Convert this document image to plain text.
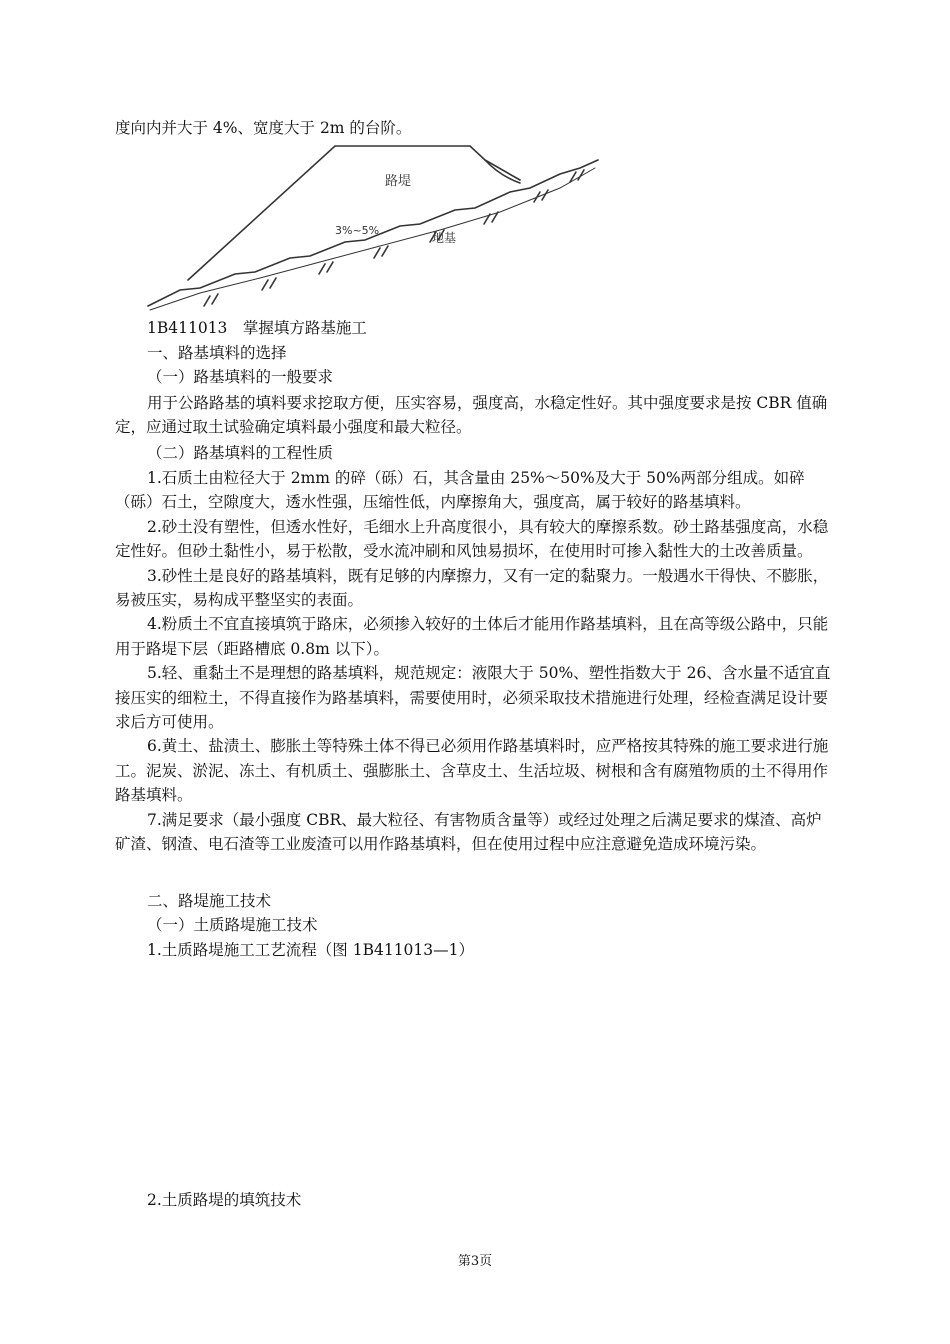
度向内并大于 4%、宽度大于 2m 的台阶。
路堤
3%~5%
地基
1B411013　掌握填方路基施工
一、路基填料的选择
（一）路基填料的一般要求

用于公路路基的填料要求挖取方便，压实容易，强度高，水稳定性好。其中强度要求是按 CBR 值确定，应通过取土试验确定填料最小强度和最大粒径。

（二）路基填料的工程性质

1.石质土由粒径大于 2mm 的碎（砾）石，其含量由 25%～50%及大于 50%两部分组成。如碎（砾）石土，空隙度大，透水性强，压缩性低，内摩擦角大，强度高，属于较好的路基填料。

2.砂土没有塑性，但透水性好，毛细水上升高度很小，具有较大的摩擦系数。砂土路基强度高，水稳定性好。但砂土黏性小，易于松散，受水流冲刷和风蚀易损坏，在使用时可掺入黏性大的土改善质量。

3.砂性土是良好的路基填料，既有足够的内摩擦力，又有一定的黏聚力。一般遇水干得快、不膨胀，易被压实，易构成平整坚实的表面。

4.粉质土不宜直接填筑于路床，必须掺入较好的土体后才能用作路基填料，且在高等级公路中，只能用于路堤下层（距路槽底 0.8m 以下）。

5.轻、重黏土不是理想的路基填料，规范规定：液限大于 50%、塑性指数大于 26、含水量不适宜直接压实的细粒土，不得直接作为路基填料，需要使用时，必须采取技术措施进行处理，经检查满足设计要求后方可使用。

6.黄土、盐渍土、膨胀土等特殊土体不得已必须用作路基填料时，应严格按其特殊的施工要求进行施工。泥炭、淤泥、冻土、有机质土、强膨胀土、含草皮土、生活垃圾、树根和含有腐殖物质的土不得用作路基填料。

7.满足要求（最小强度 CBR、最大粒径、有害物质含量等）或经过处理之后满足要求的煤渣、高炉矿渣、钢渣、电石渣等工业废渣可以用作路基填料，但在使用过程中应注意避免造成环境污染。

二、路堤施工技术
（一）土质路堤施工技术
1.土质路堤施工工艺流程（图 1B411013—1）
2.土质路堤的填筑技术
第3页
